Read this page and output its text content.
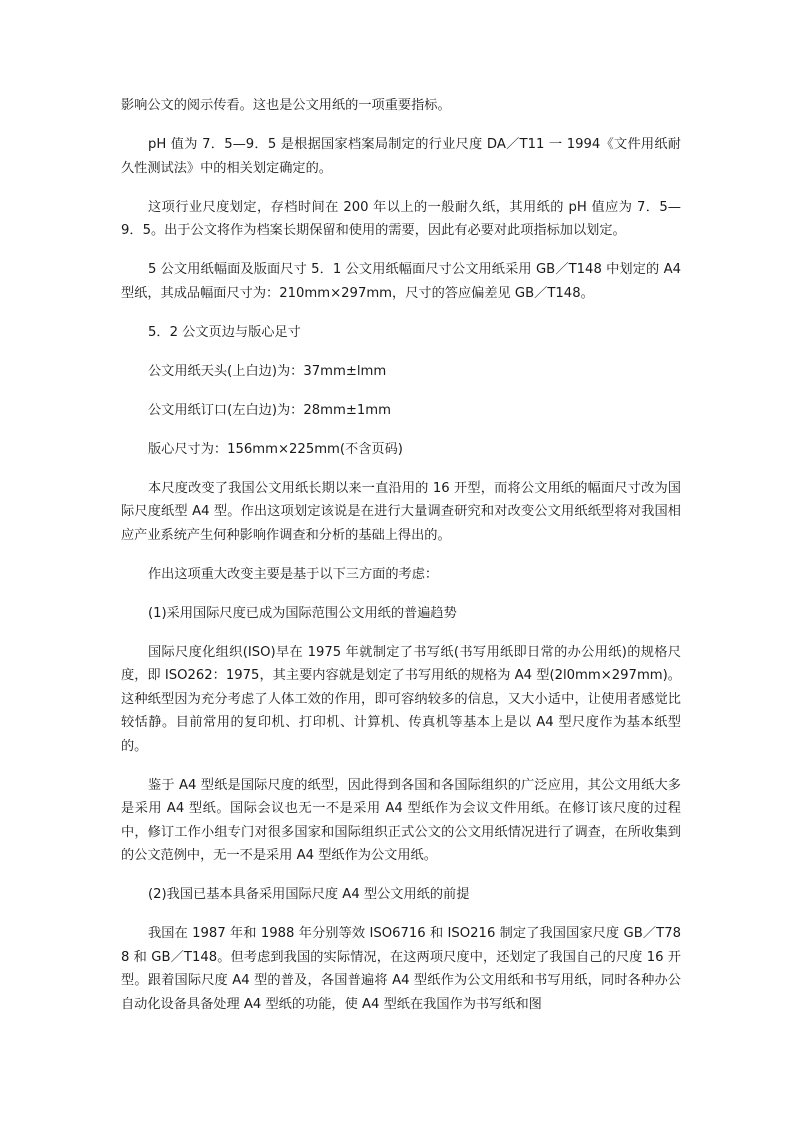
影响公文的阅示传看。这也是公文用纸的一项重要指标。

pH 值为 7．5—9．5 是根据国家档案局制定的行业尺度 DA／T11 一 1994《文件用纸耐久性测试法》中的相关划定确定的。

这项行业尺度划定，存档时间在 200 年以上的一般耐久纸，其用纸的 pH 值应为 7．5—9．5。出于公文将作为档案长期保留和使用的需要，因此有必要对此项指标加以划定。

5 公文用纸幅面及版面尺寸 5．1 公文用纸幅面尺寸公文用纸采用 GB／T148 中划定的 A4 型纸，其成品幅面尺寸为：210mm×297mm，尺寸的答应偏差见 GB／T148。

5．2 公文页边与版心足寸

公文用纸天头(上白边)为：37mm±lmm

公文用纸订口(左白边)为：28mm±1mm

版心尺寸为：156mm×225mm(不含页码)

本尺度改变了我国公文用纸长期以来一直沿用的 16 开型，而将公文用纸的幅面尺寸改为国际尺度纸型 A4 型。作出这项划定该说是在进行大量调查研究和对改变公文用纸纸型将对我国相应产业系统产生何种影响作调查和分析的基础上得出的。

作出这项重大改变主要是基于以下三方面的考虑：

(1)采用国际尺度已成为国际范围公文用纸的普遍趋势

国际尺度化组织(ISO)早在 1975 年就制定了书写纸(书写用纸即日常的办公用纸)的规格尺度，即 ISO262：1975，其主要内容就是划定了书写用纸的规格为 A4 型(2l0mm×297mm)。这种纸型因为充分考虑了人体工效的作用，即可容纳较多的信息，又大小适中，让使用者感觉比较恬静。目前常用的复印机、打印机、计算机、传真机等基本上是以 A4 型尺度作为基本纸型的。

鉴于 A4 型纸是国际尺度的纸型，因此得到各国和各国际组织的广泛应用，其公文用纸大多是采用 A4 型纸。国际会议也无一不是采用 A4 型纸作为会议文件用纸。在修订该尺度的过程中，修订工作小组专门对很多国家和国际组织正式公文的公文用纸情况进行了调查，在所收集到的公文范例中，无一不是采用 A4 型纸作为公文用纸。

(2)我国已基本具备采用国际尺度 A4 型公文用纸的前提

我国在 1987 年和 1988 年分别等效 ISO6716 和 ISO216 制定了我国国家尺度 GB／T788 和 GB／T148。但考虑到我国的实际情况，在这两项尺度中，还划定了我国自己的尺度 16 开型。跟着国际尺度 A4 型的普及，各国普遍将 A4 型纸作为公文用纸和书写用纸，同时各种办公自动化设备具备处理 A4 型纸的功能，使 A4 型纸在我国作为书写纸和图
